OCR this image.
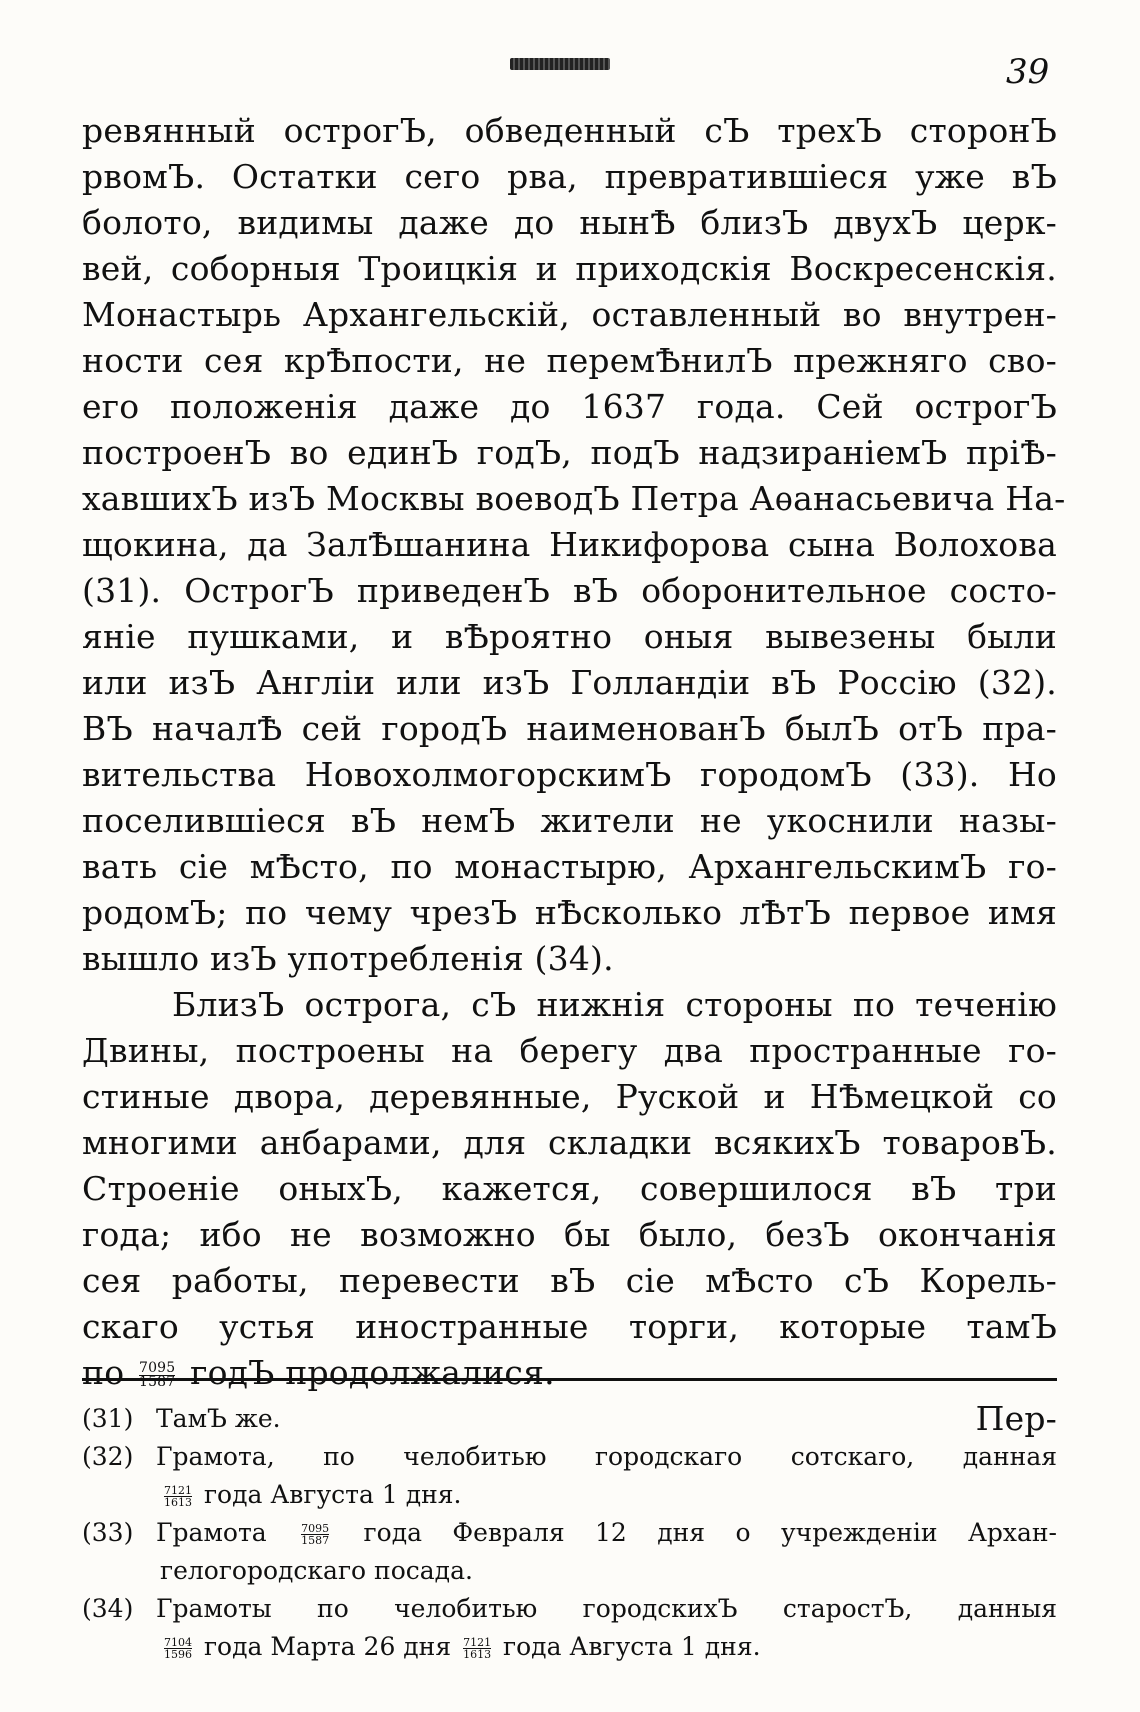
39
ревянный острогЪ, обведенный сЪ трехЪ сторонЪ
рвомЪ. Остатки сего рва, превратившіеся уже вЪ
болото, видимы даже до нынѢ близЪ двухЪ церк-
вей, соборныя Троицкія и приходскія Воскресенскія.
Монастырь Архангельскій, оставленный во внутрен-
ности сея крѢпости, не перемѢнилЪ прежняго сво-
его положенія даже до 1637 года. Сей острогЪ
построенЪ во единЪ годЪ, подЪ надзираніемЪ прiѢ-
хавшихЪ изЪ Москвы воеводЪ Петра Аѳанасьевича На-
щокина, да ЗалѢшанина Никифорова сына Волохова
(31). ОстрогЪ приведенЪ вЪ оборонительное состо-
яніе пушками, и вѢроятно оныя вывезены были
или изЪ Англіи или изЪ Голландіи вЪ Россію (32).
ВЪ началѢ сей городЪ наименованЪ былЪ отЪ пра-
вительства НовохолмогорскимЪ городомЪ (33). Но
поселившіеся вЪ немЪ жители не укоснили назы-
вать сіе мѢсто, по монастырю, АрхангельскимЪ го-
родомЪ; по чему чрезЪ нѢсколько лѢтЪ первое имя
вышло изЪ употребленія (34).
БлизЪ острога, сЪ нижнія стороны по теченію
Двины, построены на берегу два пространные го-
стиные двора, деревянные, Руской и НѢмецкой со
многими анбарами, для складки всякихЪ товаровЪ.
Строеніе оныхЪ, кажется, совершилося вЪ три
года; ибо не возможно бы было, безЪ окончанія
сея работы, перевести вЪ сіе мѢсто сЪ Корель-
скаго устья иностранные торги, которые тамЪ
по $\frac{7095}{1587}$ годЪ продолжалися.
Пер-
(31) ТамЪ же.
(32) Грамота, по челобитью городскаго сотскаго, данная
$\frac{7121}{1613}$ года Августа 1 дня.
(33) Грамота	$\frac{7095}{1587}$ года Февраля 12 дня о учрежденіи Архан-
гелогородскаго посада.
(34) Грамоты по челобитью городскихЪ старостЪ, данныя
$\frac{7104}{1596}$ года Марта 26 дня $\frac{7121}{1613}$ года Августа 1 дня.
